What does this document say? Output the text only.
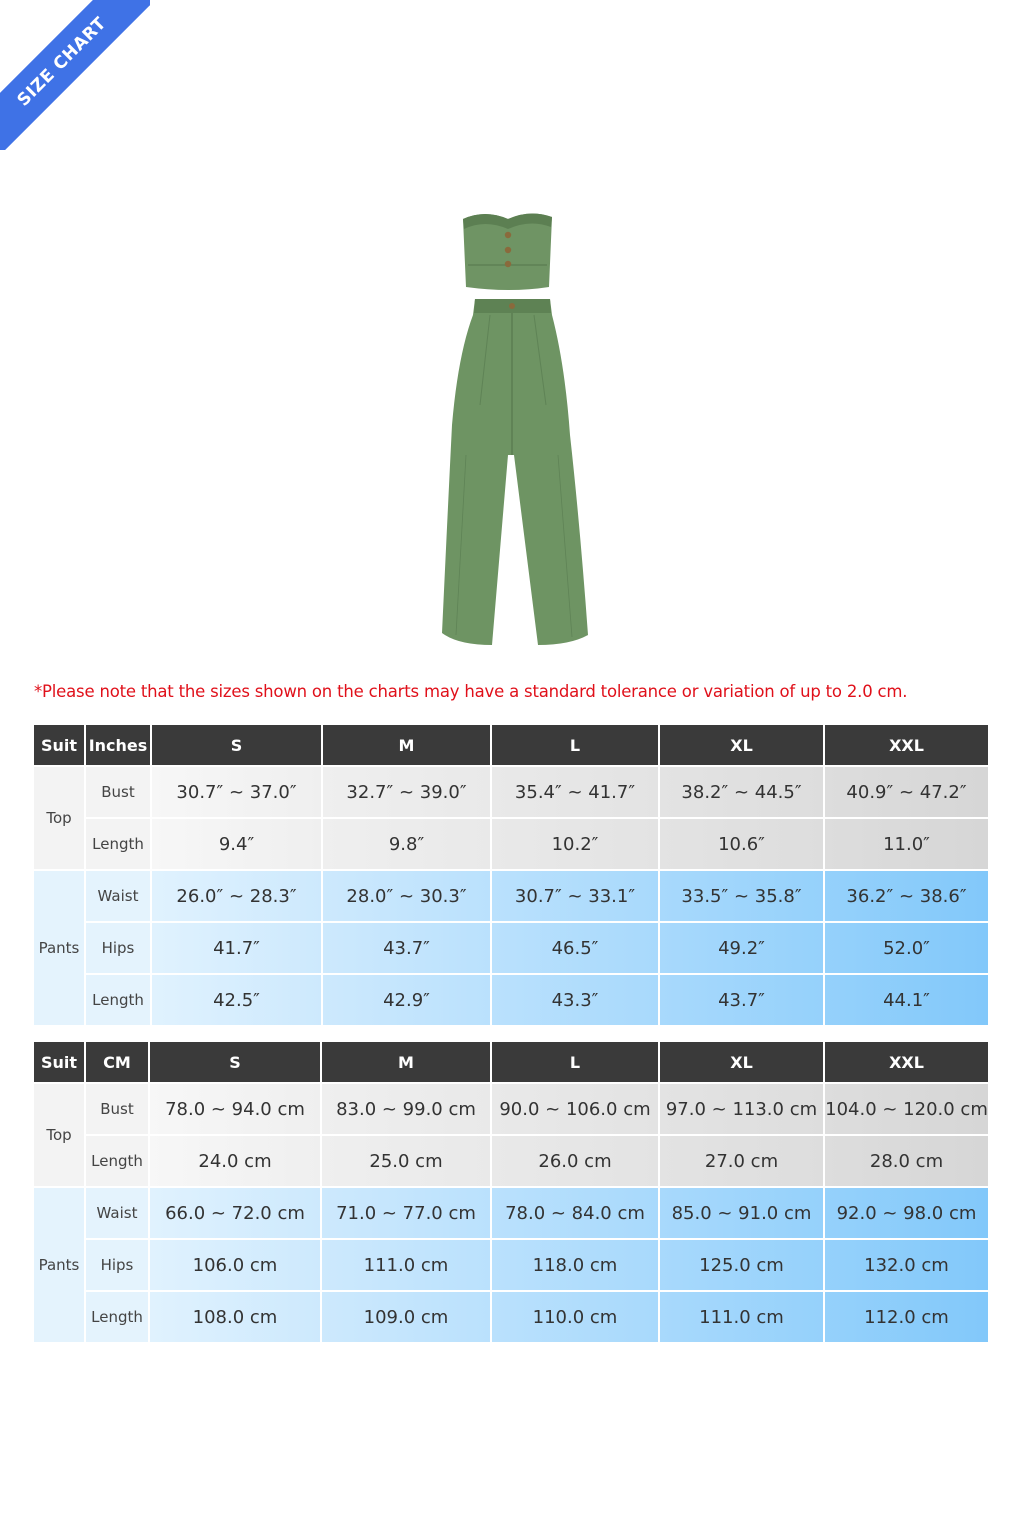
SIZE CHART
*Please note that the sizes shown on the charts may have a standard tolerance or variation of up to 2.0 cm.
Suit	Inches	S	M	L	XL	XXL
Top	Bust	30.7″ ~ 37.0″	32.7″ ~ 39.0″	35.4″ ~ 41.7″	38.2″ ~ 44.5″	40.9″ ~ 47.2″
	Length	9.4″	9.8″	10.2″	10.6″	11.0″
Pants	Waist	26.0″ ~ 28.3″	28.0″ ~ 30.3″	30.7″ ~ 33.1″	33.5″ ~ 35.8″	36.2″ ~ 38.6″
	Hips	41.7″	43.7″	46.5″	49.2″	52.0″
	Length	42.5″	42.9″	43.3″	43.7″	44.1″
Suit	CM	S	M	L	XL	XXL
Top	Bust	78.0 ~ 94.0 cm	83.0 ~ 99.0 cm	90.0 ~ 106.0 cm	97.0 ~ 113.0 cm	104.0 ~ 120.0 cm
	Length	24.0 cm	25.0 cm	26.0 cm	27.0 cm	28.0 cm
Pants	Waist	66.0 ~ 72.0 cm	71.0 ~ 77.0 cm	78.0 ~ 84.0 cm	85.0 ~ 91.0 cm	92.0 ~ 98.0 cm
	Hips	106.0 cm	111.0 cm	118.0 cm	125.0 cm	132.0 cm
	Length	108.0 cm	109.0 cm	110.0 cm	111.0 cm	112.0 cm
